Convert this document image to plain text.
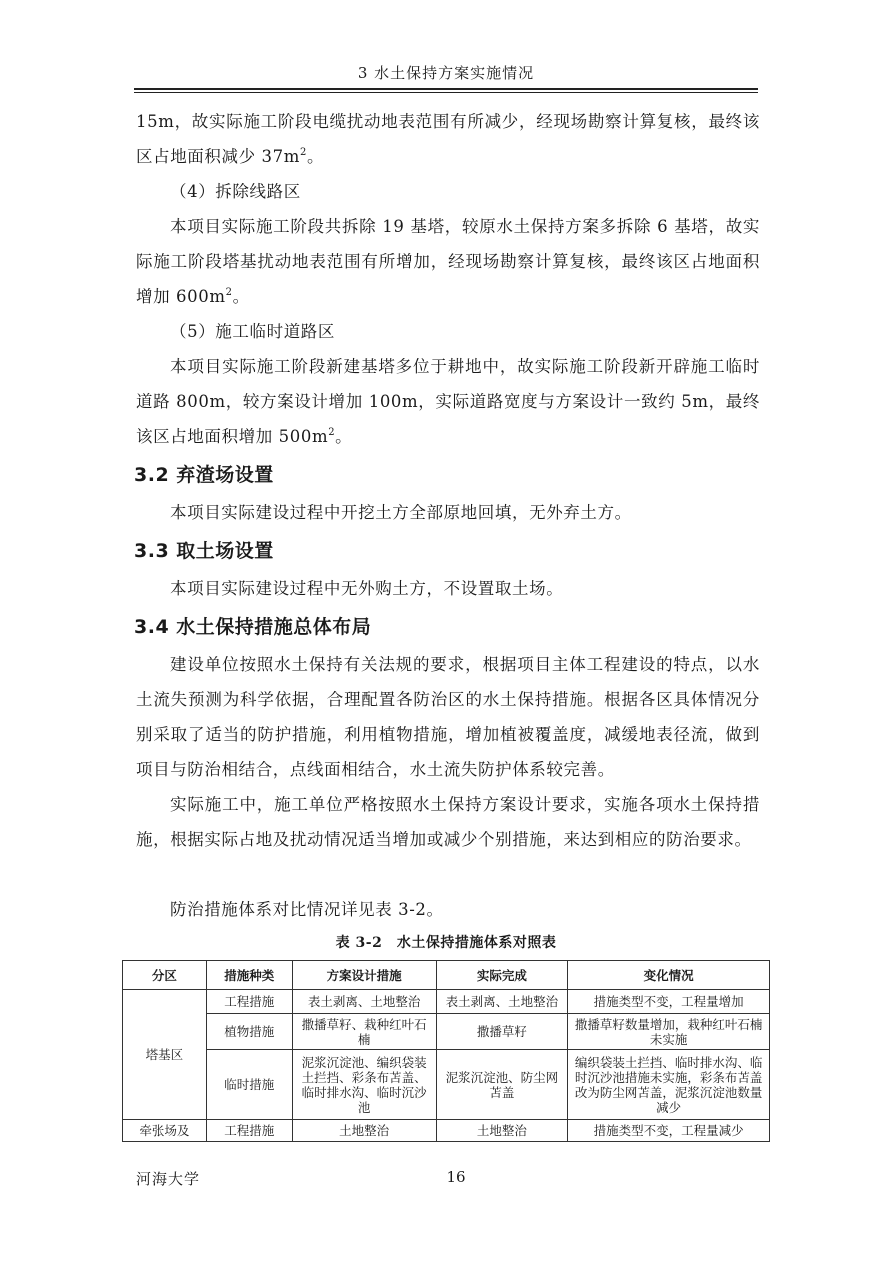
3 水土保持方案实施情况

15m，故实际施工阶段电缆扰动地表范围有所减少，经现场勘察计算复核，最终该区占地面积减少 $37m^2$。

（4）拆除线路区

本项目实际施工阶段共拆除 19 基塔，较原水土保持方案多拆除 6 基塔，故实际施工阶段塔基扰动地表范围有所增加，经现场勘察计算复核，最终该区占地面积增加 $600m^2$。

（5）施工临时道路区

本项目实际施工阶段新建基塔多位于耕地中，故实际施工阶段新开辟施工临时道路 800m，较方案设计增加 100m，实际道路宽度与方案设计一致约 5m，最终该区占地面积增加 $500m^2$。

3.2 弃渣场设置

本项目实际建设过程中开挖土方全部原地回填，无外弃土方。

3.3 取土场设置

本项目实际建设过程中无外购土方，不设置取土场。

3.4 水土保持措施总体布局

建设单位按照水土保持有关法规的要求，根据项目主体工程建设的特点，以水土流失预测为科学依据，合理配置各防治区的水土保持措施。根据各区具体情况分别采取了适当的防护措施，利用植物措施，增加植被覆盖度，减缓地表径流，做到项目与防治相结合，点线面相结合，水土流失防护体系较完善。

实际施工中，施工单位严格按照水土保持方案设计要求，实施各项水土保持措施，根据实际占地及扰动情况适当增加或减少个别措施，来达到相应的防治要求。

防治措施体系对比情况详见表 3-2。

表 3-2　水土保持措施体系对照表
分区	措施种类	方案设计措施	实际完成	变化情况
塔基区	工程措施	表土剥离、土地整治	表土剥离、土地整治	措施类型不变，工程量增加
	植物措施	撒播草籽、栽种红叶石楠	撒播草籽	撒播草籽数量增加，栽种红叶石楠未实施
	临时措施	泥浆沉淀池、编织袋装土拦挡、彩条布苫盖、临时排水沟、临时沉沙池	泥浆沉淀池、防尘网苫盖	编织袋装土拦挡、临时排水沟、临时沉沙池措施未实施，彩条布苫盖改为防尘网苫盖，泥浆沉淀池数量减少
牵张场及	工程措施	土地整治	土地整治	措施类型不变，工程量减少
河海大学	16
